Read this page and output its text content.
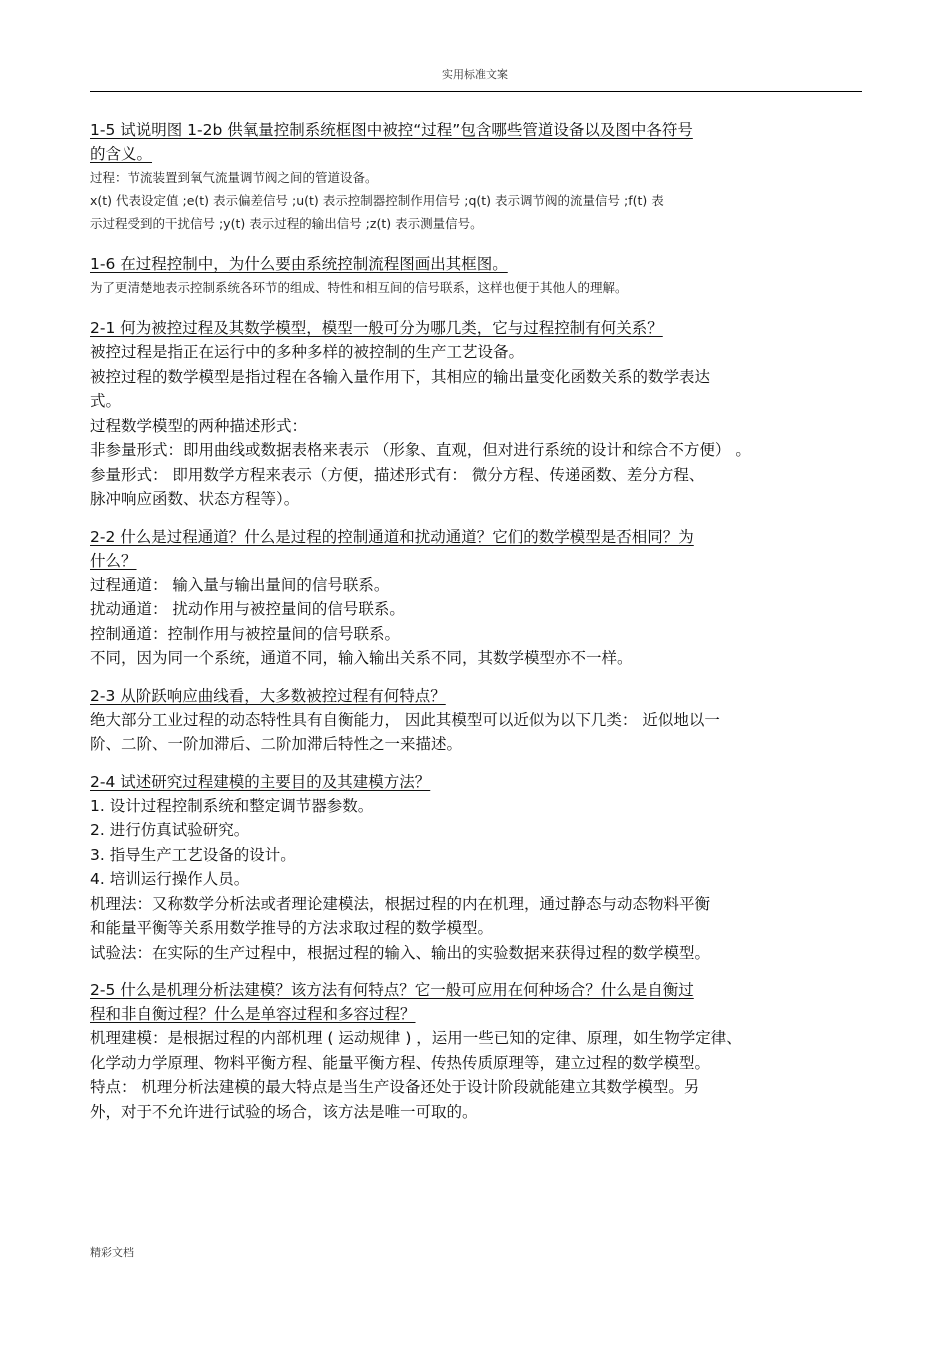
实用标准文案

1-5 试说明图 1-2b 供氧量控制系统框图中被控“过程”包含哪些管道设备以及图中各符号

的含义。

过程：节流装置到氧气流量调节阀之间的管道设备。

x(t) 代表设定值 ;e(t) 表示偏差信号 ;u(t) 表示控制器控制作用信号 ;q(t) 表示调节阀的流量信号 ;f(t) 表

示过程受到的干扰信号 ;y(t) 表示过程的输出信号 ;z(t) 表示测量信号。

1-6 在过程控制中，为什么要由系统控制流程图画出其框图。

为了更清楚地表示控制系统各环节的组成、特性和相互间的信号联系，这样也便于其他人的理解。

2-1 何为被控过程及其数学模型，模型一般可分为哪几类，它与过程控制有何关系？

被控过程是指正在运行中的多种多样的被控制的生产工艺设备。

被控过程的数学模型是指过程在各输入量作用下，其相应的输出量变化函数关系的数学表达

式。

过程数学模型的两种描述形式：

非参量形式：即用曲线或数据表格来表示 （形象、直观，但对进行系统的设计和综合不方便） 。

参量形式： 即用数学方程来表示（方便，描述形式有： 微分方程、传递函数、差分方程、

脉冲响应函数、状态方程等）。

2-2 什么是过程通道？什么是过程的控制通道和扰动通道？它们的数学模型是否相同？为

什么？

过程通道： 输入量与输出量间的信号联系。

扰动通道： 扰动作用与被控量间的信号联系。

控制通道：控制作用与被控量间的信号联系。

不同，因为同一个系统，通道不同，输入输出关系不同，其数学模型亦不一样。

2-3 从阶跃响应曲线看，大多数被控过程有何特点？

绝大部分工业过程的动态特性具有自衡能力， 因此其模型可以近似为以下几类： 近似地以一

阶、二阶、一阶加滞后、二阶加滞后特性之一来描述。

2-4 试述研究过程建模的主要目的及其建模方法？

1. 设计过程控制系统和整定调节器参数。

2. 进行仿真试验研究。

3. 指导生产工艺设备的设计。

4. 培训运行操作人员。

机理法：又称数学分析法或者理论建模法，根据过程的内在机理，通过静态与动态物料平衡

和能量平衡等关系用数学推导的方法求取过程的数学模型。

试验法：在实际的生产过程中，根据过程的输入、输出的实验数据来获得过程的数学模型。

2-5 什么是机理分析法建模？该方法有何特点？它一般可应用在何种场合？什么是自衡过

程和非自衡过程？什么是单容过程和多容过程？

机理建模：是根据过程的内部机理 ( 运动规律 ) ，运用一些已知的定律、原理，如生物学定律、

化学动力学原理、物料平衡方程、能量平衡方程、传热传质原理等，建立过程的数学模型。

特点： 机理分析法建模的最大特点是当生产设备还处于设计阶段就能建立其数学模型。另

外，对于不允许进行试验的场合，该方法是唯一可取的。

精彩文档
